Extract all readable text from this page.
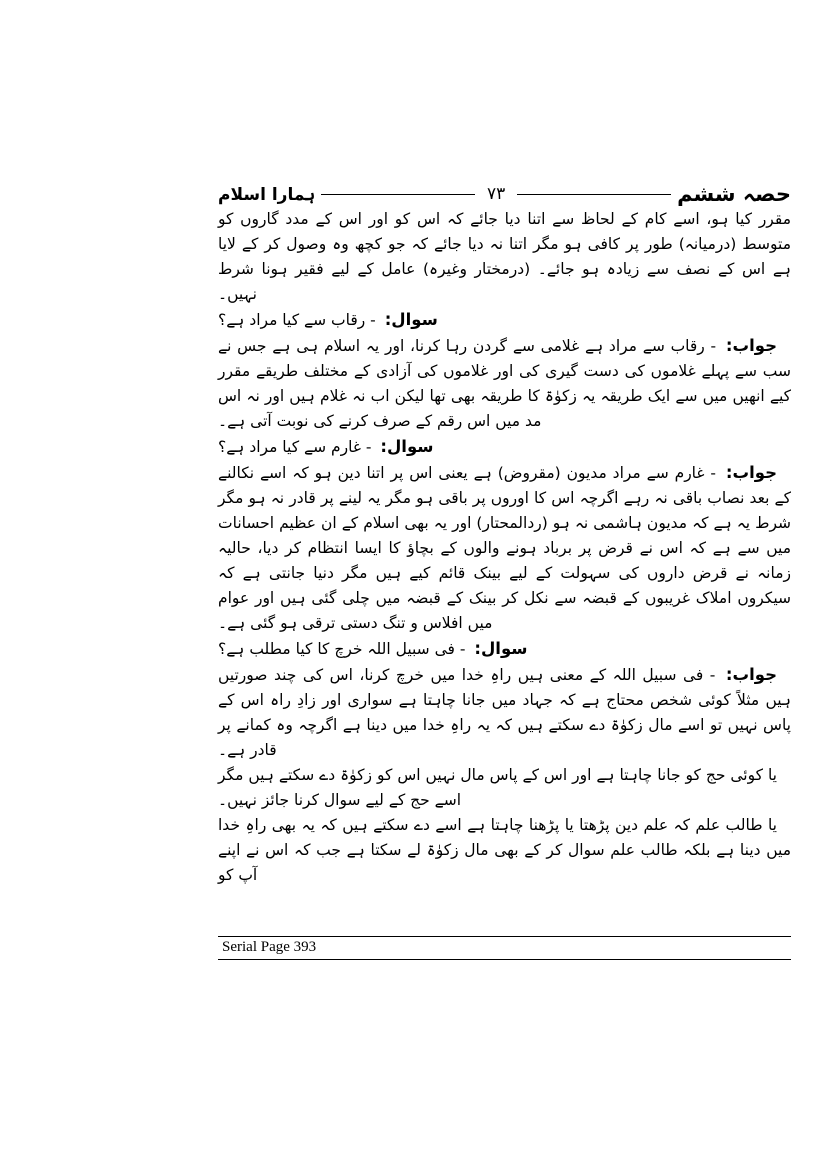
ہمارا اسلام	۷۳	حصہ ششم

مقرر کیا ہو، اسے کام کے لحاظ سے اتنا دیا جائے کہ اس کو اور اس کے مدد گاروں کو متوسط (درمیانہ) طور پر کافی ہو مگر اتنا نہ دیا جائے کہ جو کچھ وہ وصول کر کے لایا ہے اس کے نصف سے زیادہ ہو جائے۔ (درمختار وغیرہ) عامل کے لیے فقیر ہونا شرط نہیں۔

سوال: - رقاب سے کیا مراد ہے؟

جواب: - رقاب سے مراد ہے غلامی سے گردن رہا کرنا، اور یہ اسلام ہی ہے جس نے سب سے پہلے غلاموں کی دست گیری کی اور غلاموں کی آزادی کے مختلف طریقے مقرر کیے انھیں میں سے ایک طریقہ یہ زکوٰۃ کا طریقہ بھی تھا لیکن اب نہ غلام ہیں اور نہ اس مد میں اس رقم کے صرف کرنے کی نوبت آتی ہے۔

سوال: - غارم سے کیا مراد ہے؟

جواب: - غارم سے مراد مدیون (مقروض) ہے یعنی اس پر اتنا دین ہو کہ اسے نکالنے کے بعد نصاب باقی نہ رہے اگرچہ اس کا اوروں پر باقی ہو مگر یہ لینے پر قادر نہ ہو مگر شرط یہ ہے کہ مدیون ہاشمی نہ ہو (ردالمحتار) اور یہ بھی اسلام کے ان عظیم احسانات میں سے ہے کہ اس نے قرض پر برباد ہونے والوں کے بچاؤ کا ایسا انتظام کر دیا، حالیہ زمانہ نے قرض داروں کی سہولت کے لیے بینک قائم کیے ہیں مگر دنیا جانتی ہے کہ سیکروں املاک غریبوں کے قبضہ سے نکل کر بینک کے قبضہ میں چلی گئی ہیں اور عوام میں افلاس و تنگ دستی ترقی ہو گئی ہے۔

سوال: - فی سبیل اللہ خرچ کا کیا مطلب ہے؟

جواب: - فی سبیل اللہ کے معنی ہیں راہِ خدا میں خرچ کرنا، اس کی چند صورتیں ہیں مثلاً کوئی شخص محتاج ہے کہ جہاد میں جانا چاہتا ہے سواری اور زادِ راہ اس کے پاس نہیں تو اسے مال زکوٰۃ دے سکتے ہیں کہ یہ راہِ خدا میں دینا ہے اگرچہ وہ کمانے پر قادر ہے۔

یا کوئی حج کو جانا چاہتا ہے اور اس کے پاس مال نہیں اس کو زکوٰۃ دے سکتے ہیں مگر اسے حج کے لیے سوال کرنا جائز نہیں۔

یا طالب علم کہ علم دین پڑھتا یا پڑھنا چاہتا ہے اسے دے سکتے ہیں کہ یہ بھی راہِ خدا میں دینا ہے بلکہ طالب علم سوال کر کے بھی مال زکوٰۃ لے سکتا ہے جب کہ اس نے اپنے آپ کو

Serial Page 393
